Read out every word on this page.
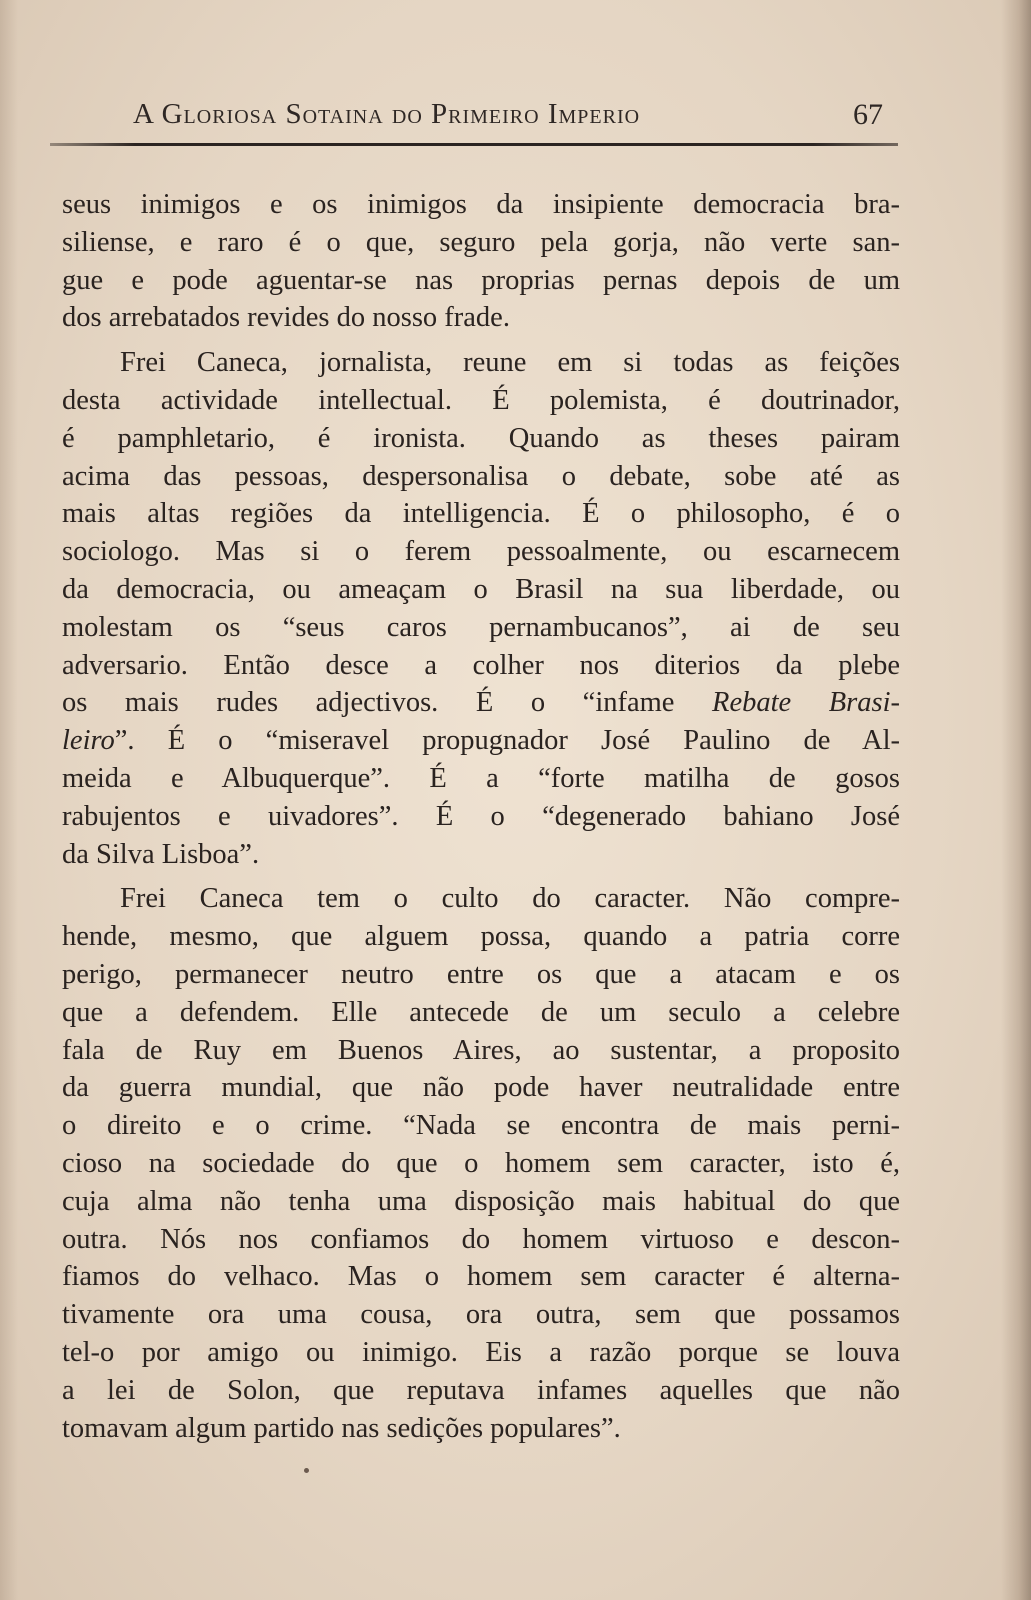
A Gloriosa Sotaina do Primeiro Imperio	67

seus inimigos e os inimigos da insipiente democracia bra-
siliense, e raro é o que, seguro pela gorja, não verte san-
gue e pode aguentar-se nas proprias pernas depois de um
dos arrebatados revides do nosso frade.

Frei Caneca, jornalista, reune em si todas as feições
desta actividade intellectual. É polemista, é doutrinador,
é pamphletario, é ironista. Quando as theses pairam
acima das pessoas, despersonalisa o debate, sobe até as
mais altas regiões da intelligencia. É o philosopho, é o
sociologo. Mas si o ferem pessoalmente, ou escarnecem
da democracia, ou ameaçam o Brasil na sua liberdade, ou
molestam os “seus caros pernambucanos”, ai de seu
adversario. Então desce a colher nos diterios da plebe
os mais rudes adjectivos. É o “infame Rebate Brasi-
leiro”. É o “miseravel propugnador José Paulino de Al-
meida e Albuquerque”. É a “forte matilha de gosos
rabujentos e uivadores”. É o “degenerado bahiano José
da Silva Lisboa”.

Frei Caneca tem o culto do caracter. Não compre-
hende, mesmo, que alguem possa, quando a patria corre
perigo, permanecer neutro entre os que a atacam e os
que a defendem. Elle antecede de um seculo a celebre
fala de Ruy em Buenos Aires, ao sustentar, a proposito
da guerra mundial, que não pode haver neutralidade entre
o direito e o crime. “Nada se encontra de mais perni-
cioso na sociedade do que o homem sem caracter, isto é,
cuja alma não tenha uma disposição mais habitual do que
outra. Nós nos confiamos do homem virtuoso e descon-
fiamos do velhaco. Mas o homem sem caracter é alterna-
tivamente ora uma cousa, ora outra, sem que possamos
tel-o por amigo ou inimigo. Eis a razão porque se louva
a lei de Solon, que reputava infames aquelles que não
tomavam algum partido nas sedições populares”.
